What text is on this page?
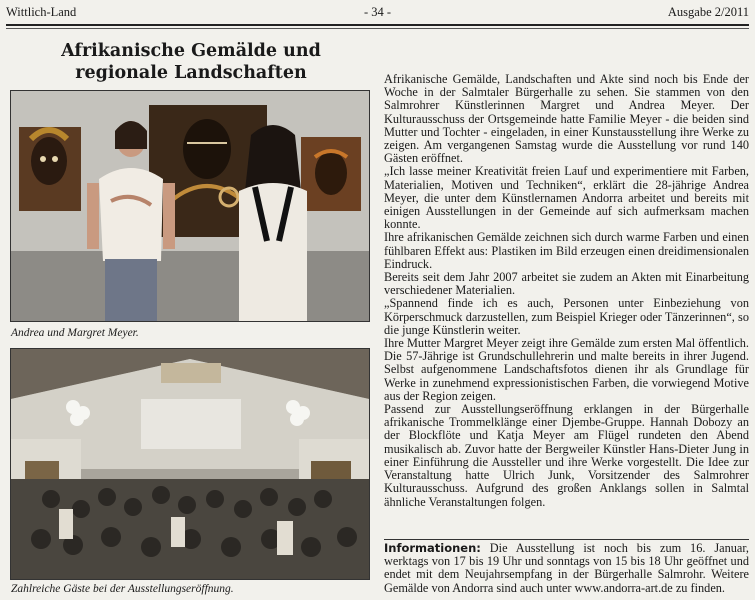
Wittlich-Land	- 34 -	Ausgabe 2/2011
Afrikanische Gemälde und
regionale Landschaften
Andrea und Margret Meyer.
Zahlreiche Gäste bei der Ausstellungseröffnung.

Afrikanische Gemälde, Landschaften und Akte sind noch bis Ende der Woche in der Salmtaler Bürgerhalle zu sehen. Sie stammen von den Salmrohrer Künstlerinnen Margret und Andrea Meyer. Der Kulturausschuss der Ortsgemeinde hatte Familie Meyer - die beiden sind Mutter und Tochter - eingeladen, in einer Kunstausstellung ihre Werke zu zeigen. Am vergangenen Samstag wurde die Ausstellung vor rund 140 Gästen eröffnet.

„Ich lasse meiner Kreativität freien Lauf und experimentiere mit Farben, Materialien, Motiven und Techniken“, erklärt die 28-jährige Andrea Meyer, die unter dem Künstlernamen Andorra arbeitet und bereits mit einigen Ausstellungen in der Gemeinde auf sich aufmerksam machen konnte.

Ihre afrikanischen Gemälde zeichnen sich durch warme Farben und einen fühlbaren Effekt aus: Plastiken im Bild erzeugen einen dreidimensionalen Eindruck.

Bereits seit dem Jahr 2007 arbeitet sie zudem an Akten mit Einarbeitung verschiedener Materialien.

„Spannend finde ich es auch, Personen unter Einbeziehung von Körperschmuck darzustellen, zum Beispiel Krieger oder Tänzerinnen“, so die junge Künstlerin weiter.

Ihre Mutter Margret Meyer zeigt ihre Gemälde zum ersten Mal öffentlich. Die 57-Jährige ist Grundschullehrerin und malte bereits in ihrer Jugend. Selbst aufgenommene Landschaftsfotos dienen ihr als Grundlage für Werke in zunehmend expressionistischen Farben, die vorwiegend Motive aus der Region zeigen.

Passend zur Ausstellungseröffnung erklangen in der Bürgerhalle afrikanische Trommelklänge einer Djembe-Gruppe. Hannah Dobozy an der Blockflöte und Katja Meyer am Flügel rundeten den Abend musikalisch ab. Zuvor hatte der Bergweiler Künstler Hans-Dieter Jung in einer Einführung die Aussteller und ihre Werke vorgestellt. Die Idee zur Veranstaltung hatte Ulrich Junk, Vorsitzender des Salmrohrer Kulturausschuss. Aufgrund des großen Anklangs sollen in Salmtal ähnliche Veranstaltungen folgen.

Informationen: Die Ausstellung ist noch bis zum 16. Januar, werktags von 17 bis 19 Uhr und sonntags von 15 bis 18 Uhr geöffnet und endet mit dem Neujahrsempfang in der Bürgerhalle Salmrohr. Weitere Gemälde von Andorra sind auch unter www.andorra-art.de zu finden.
